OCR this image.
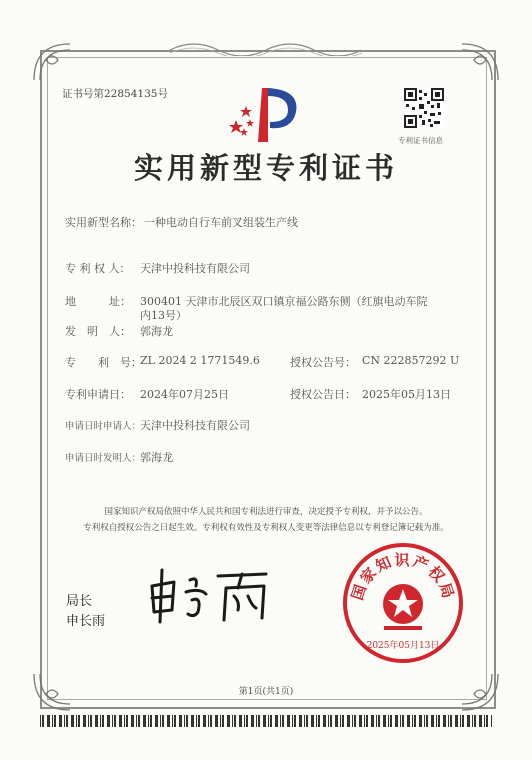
证书号第22854135号
专利证书信息
实用新型专利证书
实用新型名称： 一种电动自行车前叉组装生产线
专 利 权 人： 天津中投科技有限公司
地　　　址： 300401 天津市北辰区双口镇京福公路东侧（红旗电动车院
内13号）
发　明　人： 郭海龙
专　　利　号：
ZL 2024 2 1771549.6	授权公告号： CN 222857292 U
专利申请日： 2024年07月25日	授权公告日： 2025年05月13日
申请日时申请人：
天津中投科技有限公司
申请日时发明人：
郭海龙
国家知识产权局依照中华人民共和国专利法进行审查，决定授予专利权，并予以公告。
专利权自授权公告之日起生效。专利权有效性及专利权人变更等法律信息以专利登记簿记载为准。
局长
申长雨
国家知识产权局
2025年05月13日
第1页(共1页)
